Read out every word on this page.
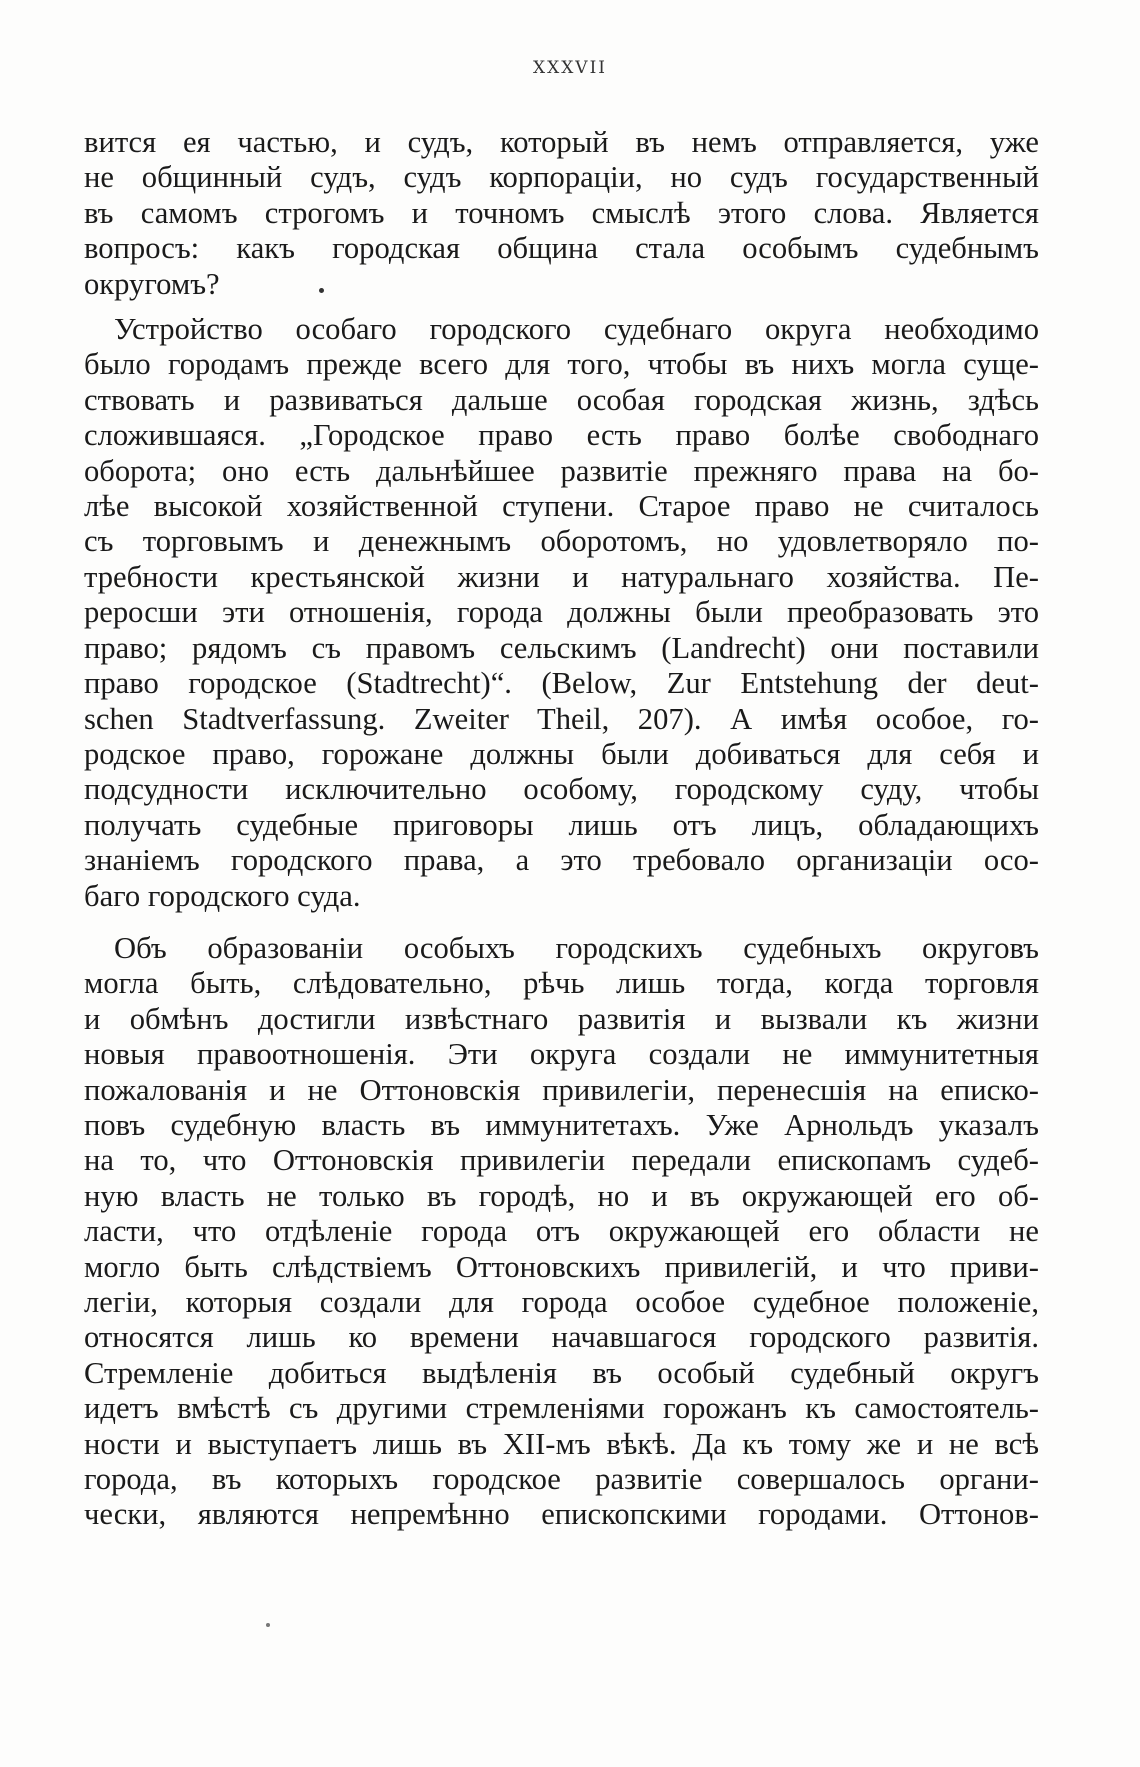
XXXVII

вится ея частью, и судъ, который въ немъ отправляется, уже
не общинный судъ, судъ корпораціи, но судъ государственный
въ самомъ строгомъ и точномъ смыслѣ этого слова. Является
вопросъ: какъ городская община стала особымъ судебнымъ
округомъ?

Устройство особаго городского судебнаго округа необходимо
было городамъ прежде всего для того, чтобы въ нихъ могла суще-
ствовать и развиваться дальше особая городская жизнь, здѣсь
сложившаяся. „Городское право есть право болѣе свободнаго
оборота; оно есть дальнѣйшее развитіе прежняго права на бо-
лѣе высокой хозяйственной ступени. Старое право не считалось
съ торговымъ и денежнымъ оборотомъ, но удовлетворяло по-
требности крестьянской жизни и натуральнаго хозяйства. Пе-
реросши эти отношенія, города должны были преобразовать это
право; рядомъ съ правомъ сельскимъ (Landrecht) они поставили
право городское (Stadtrecht)“. (Below, Zur Entstehung der deut-
schen Stadtverfassung. Zweiter Theil, 207). А имѣя особое, го-
родское право, горожане должны были добиваться для себя и
подсудности исключительно особому, городскому суду, чтобы
получать судебные приговоры лишь отъ лицъ, обладающихъ
знаніемъ городского права, а это требовало организаціи осо-
баго городского суда.

Объ образованіи особыхъ городскихъ судебныхъ округовъ
могла быть, слѣдовательно, рѣчь лишь тогда, когда торговля
и обмѣнъ достигли извѣстнаго развитія и вызвали къ жизни
новыя правоотношенія. Эти округа создали не иммунитетныя
пожалованія и не Оттоновскія привилегіи, перенесшія на еписко-
повъ судебную власть въ иммунитетахъ. Уже Арнольдъ указалъ
на то, что Оттоновскія привилегіи передали епископамъ судеб-
ную власть не только въ городѣ, но и въ окружающей его об-
ласти, что отдѣленіе города отъ окружающей его области не
могло быть слѣдствіемъ Оттоновскихъ привилегій, и что приви-
легіи, которыя создали для города особое судебное положеніе,
относятся лишь ко времени начавшагося городского развитія.
Стремленіе добиться выдѣленія въ особый судебный округъ
идетъ вмѣстѣ съ другими стремленіями горожанъ къ самостоятель-
ности и выступаетъ лишь въ XII-мъ вѣкѣ. Да къ тому же и не всѣ
города, въ которыхъ городское развитіе совершалось органи-
чески, являются непремѣнно епископскими городами. Оттонов-
